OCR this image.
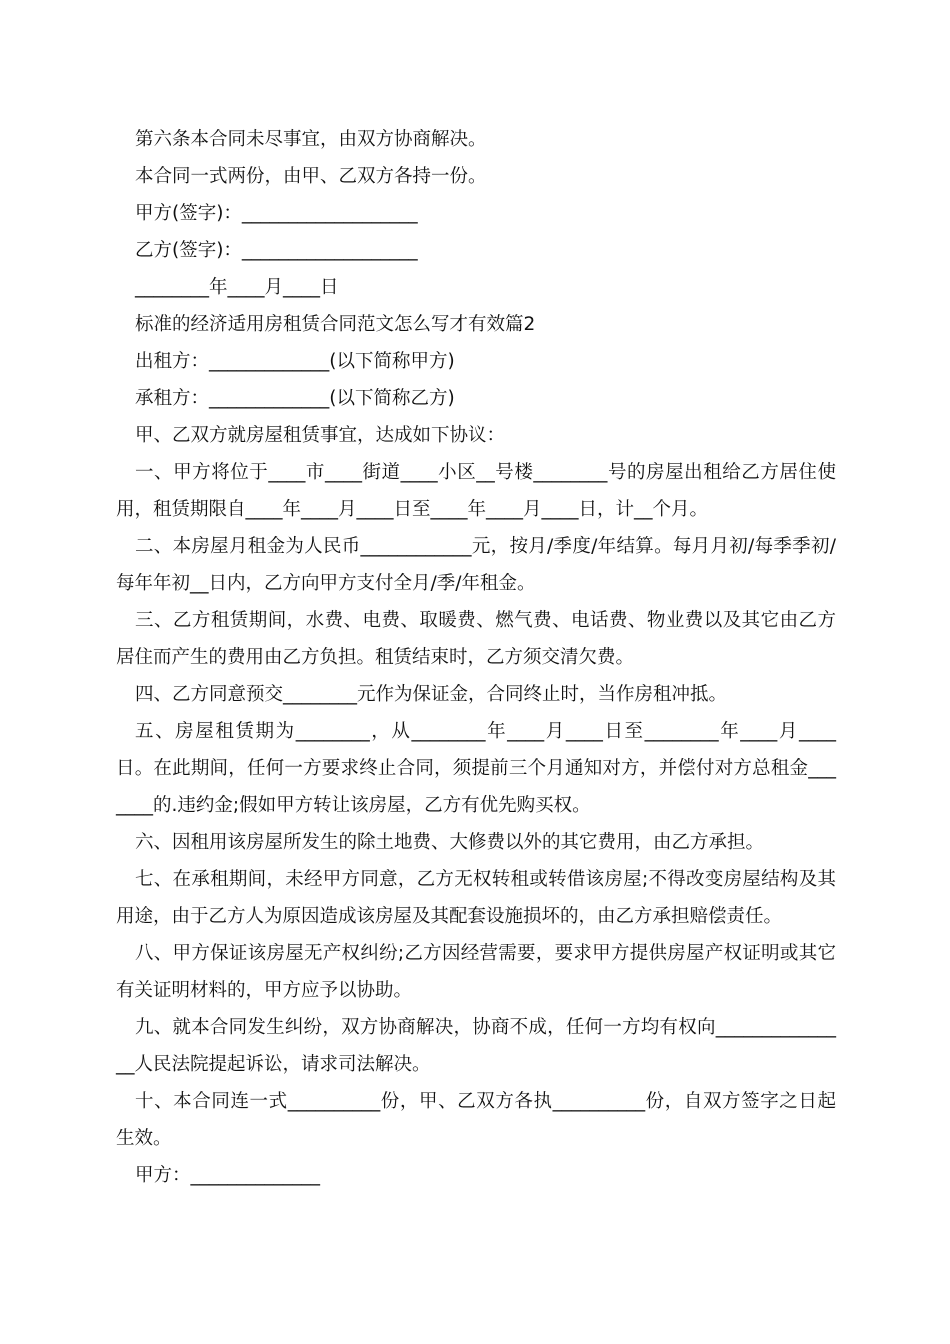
第六条本合同未尽事宜，由双方协商解决。

本合同一式两份，由甲、乙双方各持一份。

甲方(签字)：___________________

乙方(签字)：___________________

________年____月____日

标准的经济适用房租赁合同范文怎么写才有效篇2

出租方：_____________(以下简称甲方)

承租方：_____________(以下简称乙方)

甲、乙双方就房屋租赁事宜，达成如下协议：

一、甲方将位于____市____街道____小区__号楼________号的房屋出租给乙方居住使用，租赁期限自____年____月____日至____年____月____日，计__个月。

二、本房屋月租金为人民币____________元，按月/季度/年结算。每月月初/每季季初/每年年初__日内，乙方向甲方支付全月/季/年租金。

三、乙方租赁期间，水费、电费、取暖费、燃气费、电话费、物业费以及其它由乙方居住而产生的费用由乙方负担。租赁结束时，乙方须交清欠费。

四、乙方同意预交________元作为保证金，合同终止时，当作房租冲抵。

五、房屋租赁期为________，从________年____月____日至________年____月____日。在此期间，任何一方要求终止合同，须提前三个月通知对方，并偿付对方总租金_______的.违约金;假如甲方转让该房屋，乙方有优先购买权。

六、因租用该房屋所发生的除土地费、大修费以外的其它费用，由乙方承担。

七、在承租期间，未经甲方同意，乙方无权转租或转借该房屋;不得改变房屋结构及其用途，由于乙方人为原因造成该房屋及其配套设施损坏的，由乙方承担赔偿责任。

八、甲方保证该房屋无产权纠纷;乙方因经营需要，要求甲方提供房屋产权证明或其它有关证明材料的，甲方应予以协助。

九、就本合同发生纠纷，双方协商解决，协商不成，任何一方均有权向_______________人民法院提起诉讼，请求司法解决。

十、本合同连一式__________份，甲、乙双方各执__________份，自双方签字之日起生效。

甲方：______________
